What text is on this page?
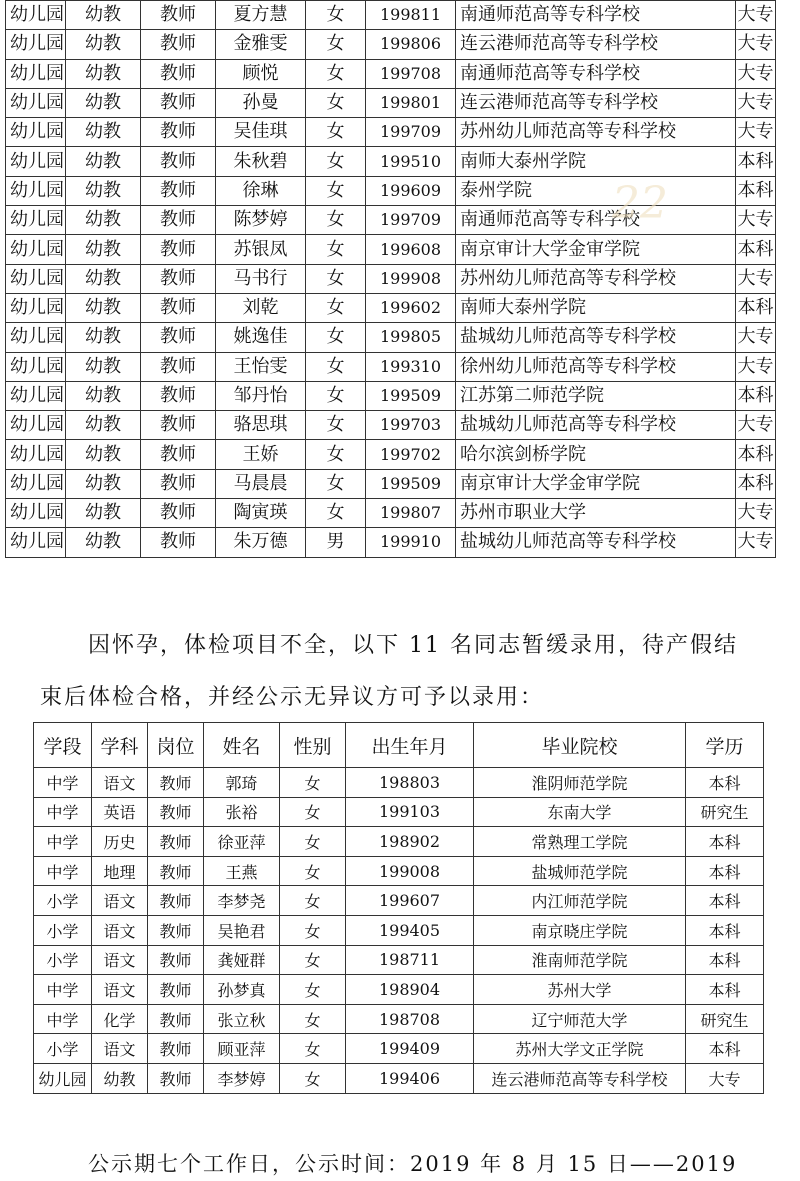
幼儿园	幼教	教师	夏方慧	女	199811	南通师范高等专科学校	大专
幼儿园	幼教	教师	金雅雯	女	199806	连云港师范高等专科学校	大专
幼儿园	幼教	教师	顾悦	女	199708	南通师范高等专科学校	大专
幼儿园	幼教	教师	孙曼	女	199801	连云港师范高等专科学校	大专
幼儿园	幼教	教师	吴佳琪	女	199709	苏州幼儿师范高等专科学校	大专
幼儿园	幼教	教师	朱秋碧	女	199510	南师大泰州学院	本科
幼儿园	幼教	教师	徐琳	女	199609	泰州学院	本科
幼儿园	幼教	教师	陈梦婷	女	199709	南通师范高等专科学校	大专
幼儿园	幼教	教师	苏银凤	女	199608	南京审计大学金审学院	本科
幼儿园	幼教	教师	马书行	女	199908	苏州幼儿师范高等专科学校	大专
幼儿园	幼教	教师	刘乾	女	199602	南师大泰州学院	本科
幼儿园	幼教	教师	姚逸佳	女	199805	盐城幼儿师范高等专科学校	大专
幼儿园	幼教	教师	王怡雯	女	199310	徐州幼儿师范高等专科学校	大专
幼儿园	幼教	教师	邹丹怡	女	199509	江苏第二师范学院	本科
幼儿园	幼教	教师	骆思琪	女	199703	盐城幼儿师范高等专科学校	大专
幼儿园	幼教	教师	王娇	女	199702	哈尔滨剑桥学院	本科
幼儿园	幼教	教师	马晨晨	女	199509	南京审计大学金审学院	本科
幼儿园	幼教	教师	陶寅瑛	女	199807	苏州市职业大学	大专
幼儿园	幼教	教师	朱万德	男	199910	盐城幼儿师范高等专科学校	大专
22
因怀孕，体检项目不全，以下 11 名同志暂缓录用，待产假结
束后体检合格，并经公示无异议方可予以录用：
学段	学科	岗位	姓名	性别	出生年月	毕业院校	学历
中学	语文	教师	郭琦	女	198803	淮阴师范学院	本科
中学	英语	教师	张裕	女	199103	东南大学	研究生
中学	历史	教师	徐亚萍	女	198902	常熟理工学院	本科
中学	地理	教师	王燕	女	199008	盐城师范学院	本科
小学	语文	教师	李梦尧	女	199607	内江师范学院	本科
小学	语文	教师	吴艳君	女	199405	南京晓庄学院	本科
小学	语文	教师	龚娅群	女	198711	淮南师范学院	本科
中学	语文	教师	孙梦真	女	198904	苏州大学	本科
中学	化学	教师	张立秋	女	198708	辽宁师范大学	研究生
小学	语文	教师	顾亚萍	女	199409	苏州大学文正学院	本科
幼儿园	幼教	教师	李梦婷	女	199406	连云港师范高等专科学校	大专
公示期七个工作日，公示时间：2019 年 8 月 15 日——2019
